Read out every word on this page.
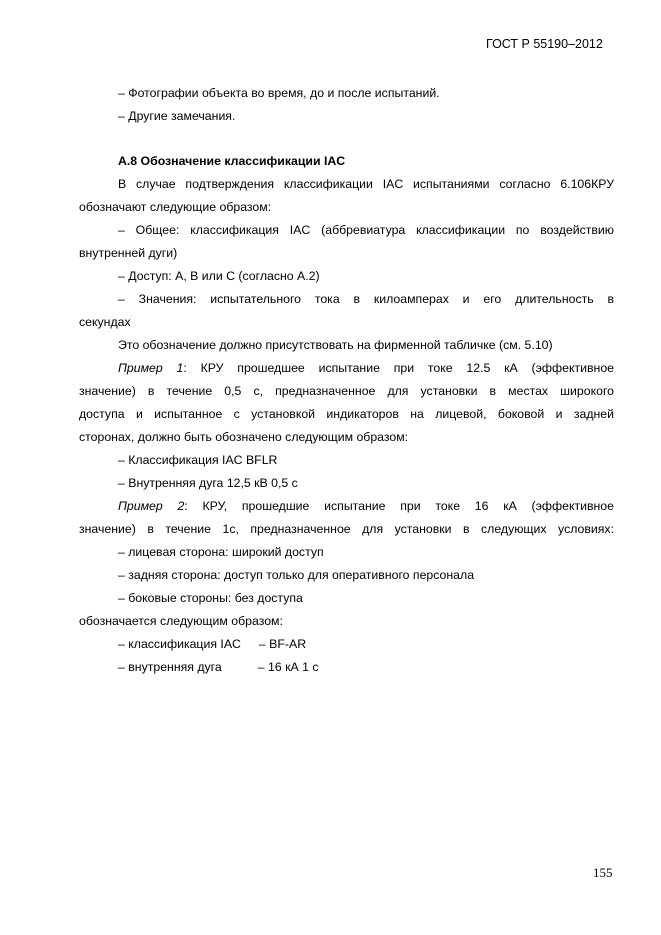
ГОСТ Р 55190–2012
– Фотографии объекта во время, до и после испытаний.
– Другие замечания.
А.8 Обозначение классификации IAC
В случае подтверждения классификации IAC испытаниями согласно 6.106КРУ
обозначают следующие образом:
– Общее: классификация IAC (аббревиатура классификации по воздействию
внутренней дуги)
– Доступ: А, В или С (согласно А.2)
– Значения: испытательного тока в килоамперах и его длительность в
секундах
Это обозначение должно присутствовать на фирменной табличке (см. 5.10)
Пример 1: КРУ прошедшее испытание при токе 12.5 кА (эффективное
значение) в течение 0,5 с, предназначенное для установки в местах широкого
доступа и испытанное с установкой индикаторов на лицевой, боковой и задней
сторонах, должно быть обозначено следующим образом:
– Классификация IAC BFLR
– Внутренняя дуга 12,5 кВ 0,5 с
Пример 2: КРУ, прошедшие испытание при токе 16 кА (эффективное
значение) в течение 1с, предназначенное для установки в следующих условиях:
– лицевая сторона: широкий доступ
– задняя сторона: доступ только для оперативного персонала
– боковые стороны: без доступа
обозначается следующим образом:
– классификация IAC – BF-AR
– внутренняя дуга	– 16 кА 1 с
155
